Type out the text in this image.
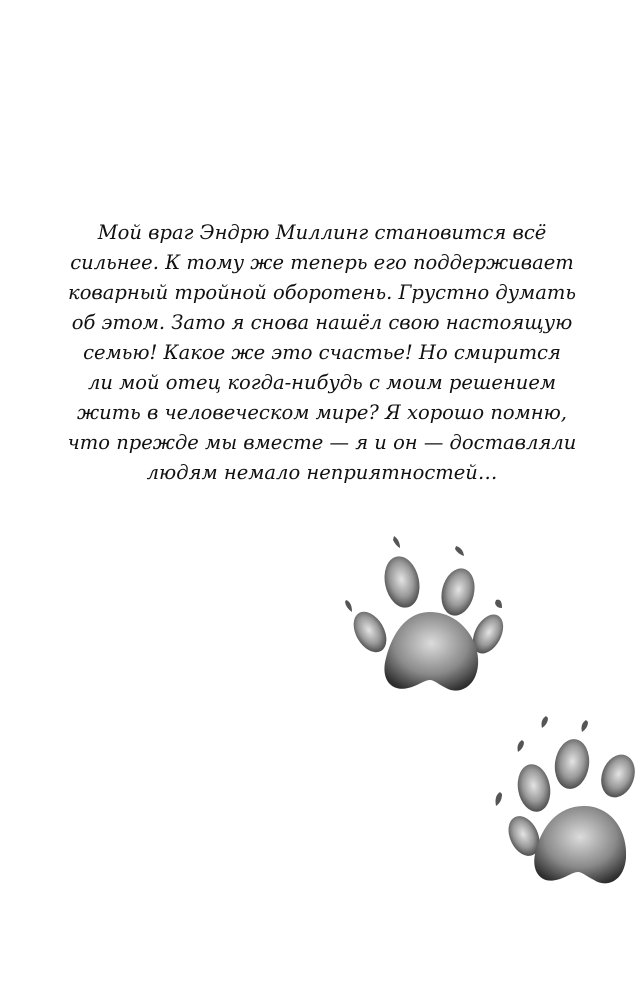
Мой враг Эндрю Миллинг становится всё
сильнее. К тому же теперь его поддерживает
коварный тройной оборотень. Грустно думать
об этом. Зато я снова нашёл свою настоящую
семью! Какое же это счастье! Но смирится
ли мой отец когда-нибудь с моим решением
жить в человеческом мире? Я хорошо помню,
что прежде мы вместе — я и он — доставляли
людям немало неприятностей…
